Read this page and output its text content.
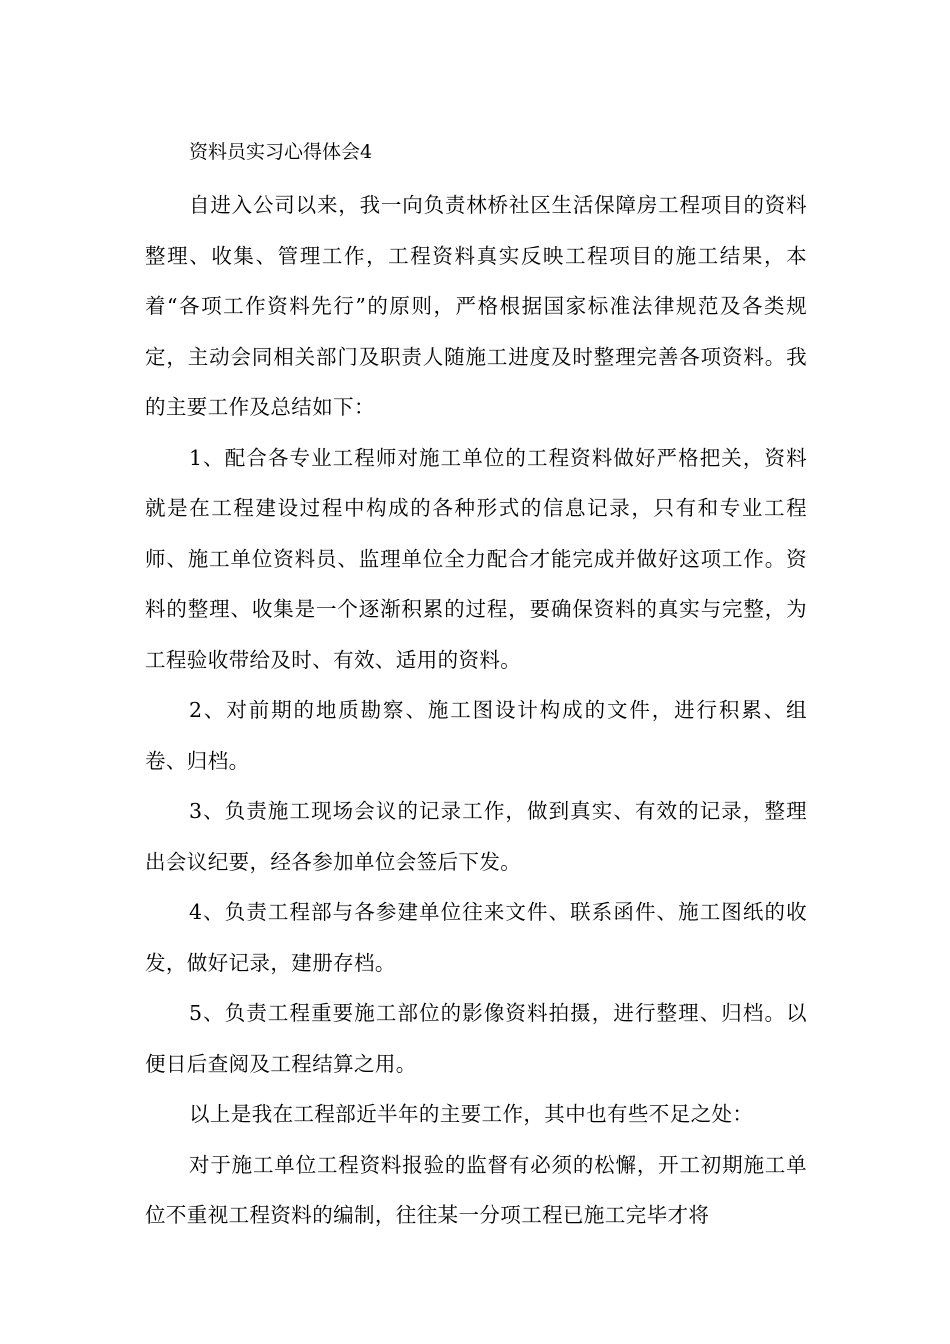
资料员实习心得体会4

自进入公司以来，我一向负责林桥社区生活保障房工程项目的资料整理、收集、管理工作，工程资料真实反映工程项目的施工结果，本着“各项工作资料先行”的原则，严格根据国家标准法律规范及各类规定，主动会同相关部门及职责人随施工进度及时整理完善各项资料。我的主要工作及总结如下：

1、配合各专业工程师对施工单位的工程资料做好严格把关，资料就是在工程建设过程中构成的各种形式的信息记录，只有和专业工程师、施工单位资料员、监理单位全力配合才能完成并做好这项工作。资料的整理、收集是一个逐渐积累的过程，要确保资料的真实与完整，为工程验收带给及时、有效、适用的资料。

2、对前期的地质勘察、施工图设计构成的文件，进行积累、组卷、归档。

3、负责施工现场会议的记录工作，做到真实、有效的记录，整理出会议纪要，经各参加单位会签后下发。

4、负责工程部与各参建单位往来文件、联系函件、施工图纸的收发，做好记录，建册存档。

5、负责工程重要施工部位的影像资料拍摄，进行整理、归档。以便日后查阅及工程结算之用。

以上是我在工程部近半年的主要工作，其中也有些不足之处：

对于施工单位工程资料报验的监督有必须的松懈，开工初期施工单位不重视工程资料的编制，往往某一分项工程已施工完毕才将
